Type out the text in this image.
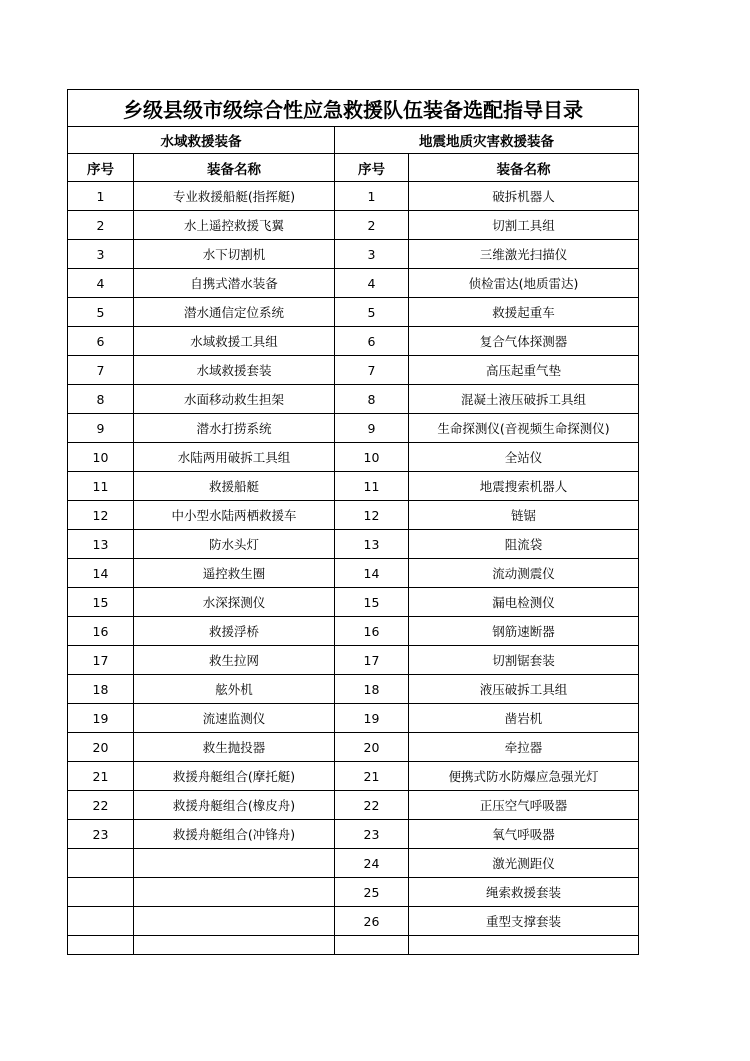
乡级县级市级综合性应急救援队伍装备选配指导目录			
水域救援装备		地震地质灾害救援装备	
序号	装备名称	序号	装备名称
1	专业救援船艇(指挥艇)	1	破拆机器人
2	水上遥控救援飞翼	2	切割工具组
3	水下切割机	3	三维激光扫描仪
4	自携式潜水装备	4	侦检雷达(地质雷达)
5	潜水通信定位系统	5	救援起重车
6	水域救援工具组	6	复合气体探测器
7	水域救援套装	7	高压起重气垫
8	水面移动救生担架	8	混凝土液压破拆工具组
9	潜水打捞系统	9	生命探测仪(音视频生命探测仪)
10	水陆两用破拆工具组	10	全站仪
11	救援船艇	11	地震搜索机器人
12	中小型水陆两栖救援车	12	链锯
13	防水头灯	13	阻流袋
14	遥控救生圈	14	流动测震仪
15	水深探测仪	15	漏电检测仪
16	救援浮桥	16	钢筋速断器
17	救生拉网	17	切割锯套装
18	舷外机	18	液压破拆工具组
19	流速监测仪	19	凿岩机
20	救生抛投器	20	牵拉器
21	救援舟艇组合(摩托艇)	21	便携式防水防爆应急强光灯
22	救援舟艇组合(橡皮舟)	22	正压空气呼吸器
23	救援舟艇组合(冲锋舟)	23	氧气呼吸器
		24	激光测距仪
		25	绳索救援套装
		26	重型支撑套装
